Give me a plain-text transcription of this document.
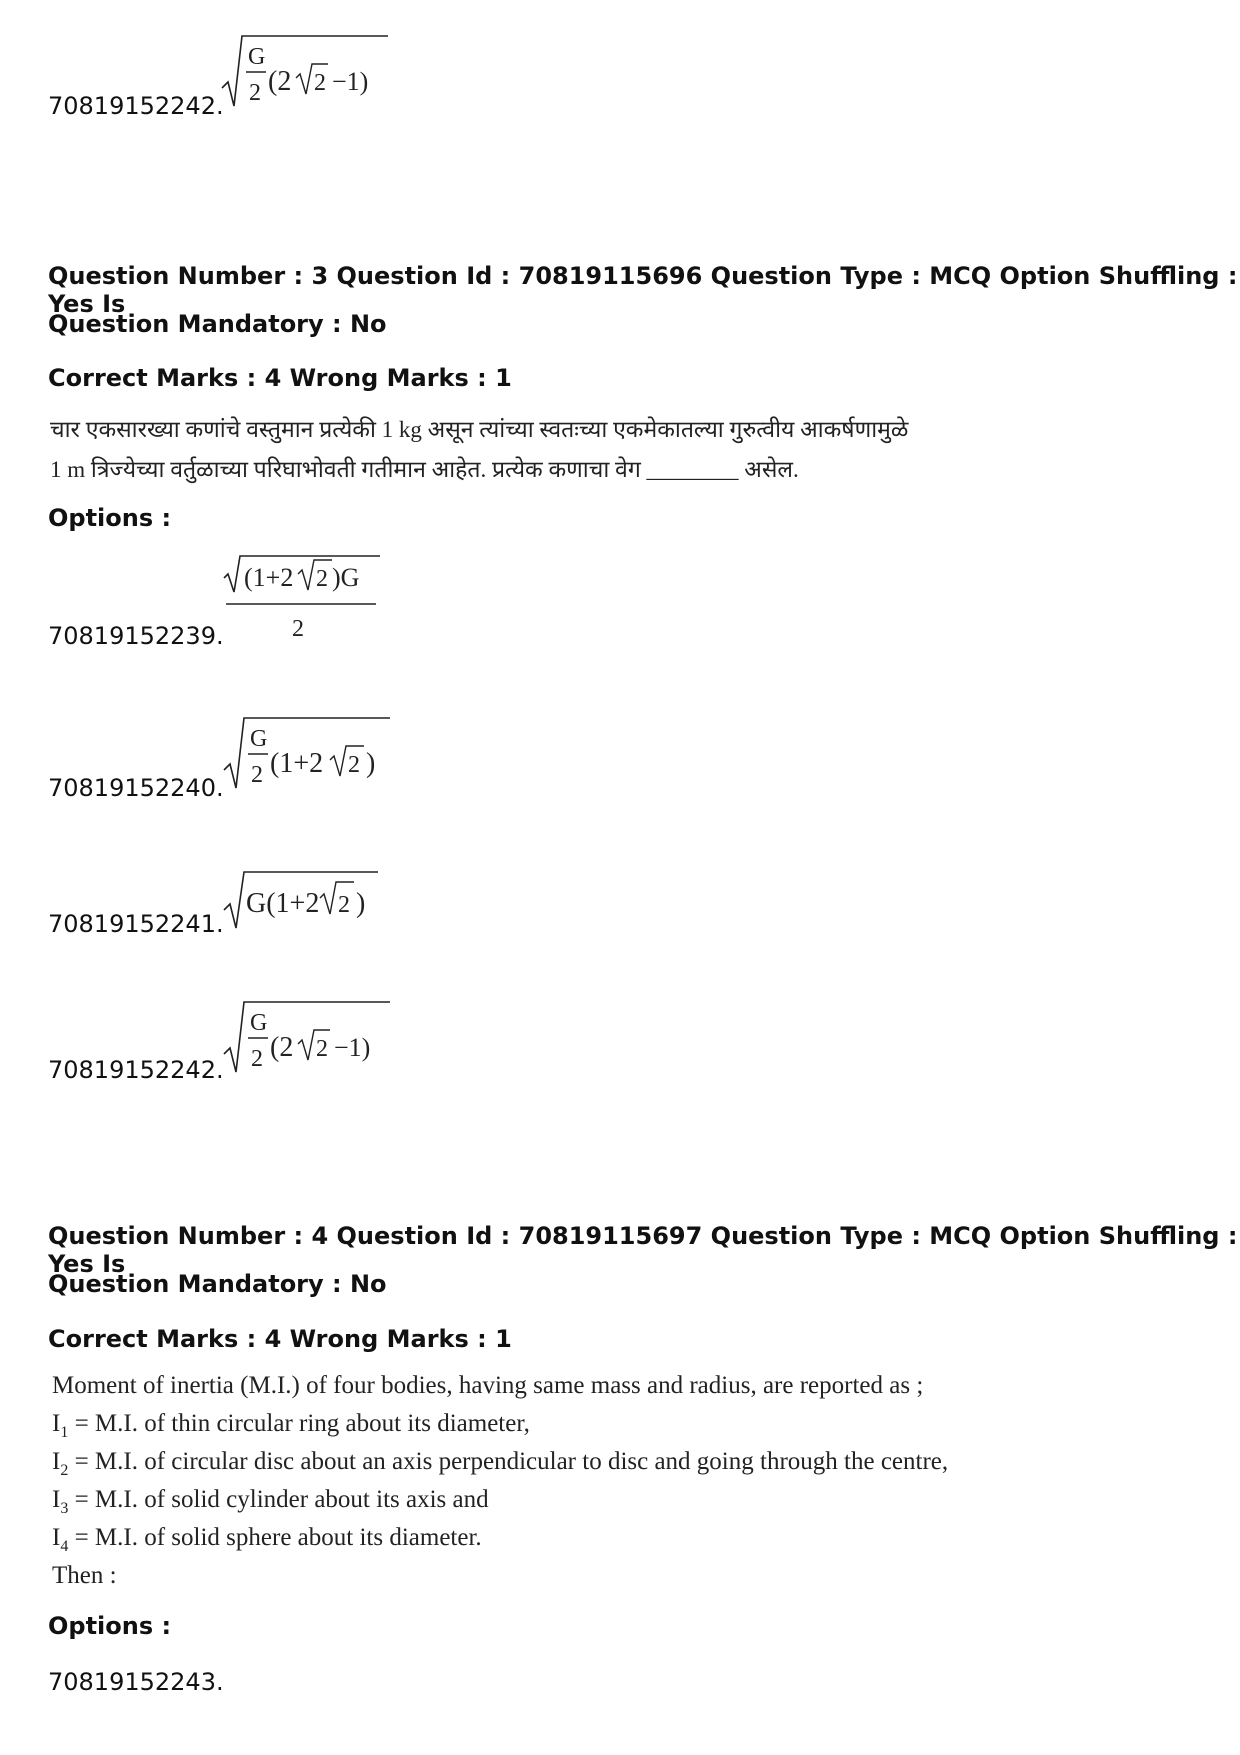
70819152242.
G
2 (2 2 −1)
Question Number : 3 Question Id : 70819115696 Question Type : MCQ Option Shuffling : Yes Is
Question Mandatory : No
Correct Marks : 4 Wrong Marks : 1
चार एकसारख्या कणांचे वस्तुमान प्रत्येकी 1 kg असून त्यांच्या स्वतःच्या एकमेकातल्या गुरुत्वीय आकर्षणामुळे
1 m त्रिज्येच्या वर्तुळाच्या परिघाभोवती गतीमान आहेत. प्रत्येक कणाचा वेग ________ असेल.
Options :
70819152239.
(1+2 2 )G
2
70819152240.
G
2 (1+2 2 )
70819152241.
G(1+2 2 )
70819152242.
G
2 (2 2 −1)
Question Number : 4 Question Id : 70819115697 Question Type : MCQ Option Shuffling : Yes Is
Question Mandatory : No
Correct Marks : 4 Wrong Marks : 1
Moment of inertia (M.I.) of four bodies, having same mass and radius, are reported as ;
$I_1 = M.I$. of thin circular ring about its diameter,
$I_2 = M.I$. of circular disc about an axis perpendicular to disc and going through the centre,
$I_3 = M.I$. of solid cylinder about its axis and
$I_4 = M.I$. of solid sphere about its diameter.
Then :
Options :
70819152243.
